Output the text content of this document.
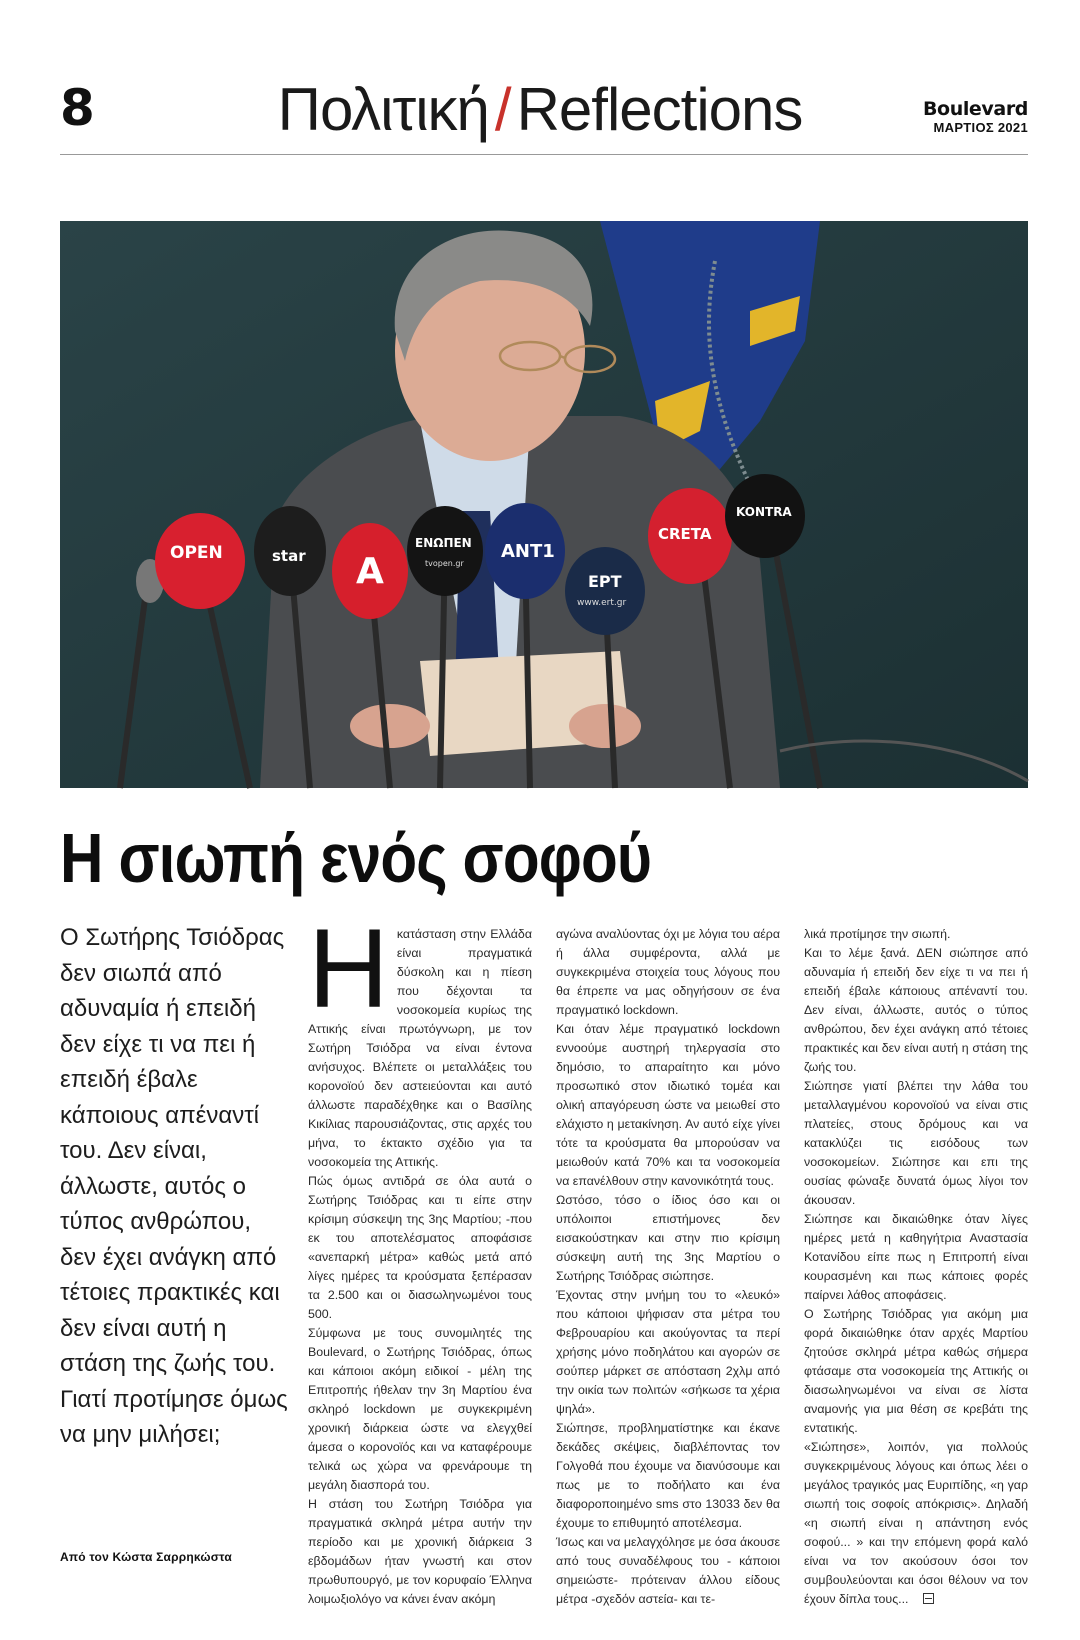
8	Πολιτική / Reflections	Boulevard
ΜΑΡΤΙΟΣ 2021
OPEN	star Α
ΕΝΩΠΕΝ
tvopen.gr
ANT1
ΕΡΤ
www.ert.gr
CRETA
KONTRA
Η σιωπή ενός σοφού
Ο Σωτήρης Τσιόδρας δεν σιωπά από αδυναμία ή επειδή δεν είχε τι να πει ή επειδή έβαλε κάποιους απέναντί του. Δεν είναι, άλλωστε, αυτός ο τύπος ανθρώπου, δεν έχει ανάγκη από τέτοιες πρακτικές και δεν είναι αυτή η στάση της ζωής του. Γιατί προτίμησε όμως να μην μιλήσει;
Από τον Κώστα Σαρρηκώστα
Η κατάσταση στην Ελλάδα είναι πραγματικά δύσκολη και η πίεση που δέχονται τα νοσοκομεία κυρίως της Αττικής είναι πρωτόγνωρη, με τον Σωτήρη Τσιόδρα να είναι έντονα ανήσυχος. Βλέπετε οι μεταλλάξεις του κορονοϊού δεν αστειεύονται και αυτό άλλωστε παραδέχθηκε και ο Βασίλης Κικίλιας παρουσιάζοντας, στις αρχές του μήνα, το έκτακτο σχέδιο για τα νοσοκομεία της Αττικής.

Πώς όμως αντιδρά σε όλα αυτά ο Σωτήρης Τσιόδρας και τι είπε στην κρίσιμη σύσκεψη της 3ης Μαρτίου; -που εκ του αποτελέσματος αποφάσισε «ανεπαρκή μέτρα» καθώς μετά από λίγες ημέρες τα κρούσματα ξεπέρασαν τα 2.500 και οι διασωληνωμένοι τους 500.

Σύμφωνα με τους συνομιλητές της Boulevard, ο Σωτήρης Τσιόδρας, όπως και κάποιοι ακόμη ειδικοί - μέλη της Επιτροπής ήθελαν την 3η Μαρτίου ένα σκληρό lockdown με συγκεκριμένη χρονική διάρκεια ώστε να ελεγχθεί άμεσα ο κορονοϊός και να καταφέρουμε τελικά ως χώρα να φρενάρουμε τη μεγάλη διασπορά του.

Η στάση του Σωτήρη Τσιόδρα για πραγματικά σκληρά μέτρα αυτήν την περίοδο και με χρονική διάρκεια 3 εβδομάδων ήταν γνωστή και στον πρωθυπουργό, με τον κορυφαίο Έλληνα λοιμωξιολόγο να κάνει έναν ακόμη

αγώνα αναλύοντας όχι με λόγια του αέρα ή άλλα συμφέροντα, αλλά με συγκεκριμένα στοιχεία τους λόγους που θα έπρεπε να μας οδηγήσουν σε ένα πραγματικό lockdown.

Και όταν λέμε πραγματικό lockdown εννοούμε αυστηρή τηλεργασία στο δημόσιο, το απαραίτητο και μόνο προσωπικό στον ιδιωτικό τομέα και ολική απαγόρευση ώστε να μειωθεί στο ελάχιστο η μετακίνηση. Αν αυτό είχε γίνει τότε τα κρούσματα θα μπορούσαν να μειωθούν κατά 70% και τα νοσοκομεία να επανέλθουν στην κανονικότητά τους.

Ωστόσο, τόσο ο ίδιος όσο και οι υπόλοιποι επιστήμονες δεν εισακούστηκαν και στην πιο κρίσιμη σύσκεψη αυτή της 3ης Μαρτίου ο Σωτήρης Τσιόδρας σιώπησε.

Έχοντας στην μνήμη του το «λευκό» που κάποιοι ψήφισαν στα μέτρα του Φεβρουαρίου και ακούγοντας τα περί χρήσης μόνο ποδηλάτου και αγορών σε σούπερ μάρκετ σε απόσταση 2χλμ από την οικία των πολιτών «σήκωσε τα χέρια ψηλά».

Σιώπησε, προβληματίστηκε και έκανε δεκάδες σκέψεις, διαβλέποντας τον Γολγοθά που έχουμε να διανύσουμε και πως με το ποδήλατο και ένα διαφοροποιημένο sms στο 13033 δεν θα έχουμε το επιθυμητό αποτέλεσμα.

Ίσως και να μελαγχόλησε με όσα άκουσε από τους συναδέλφους του - κάποιοι σημειώστε- πρότειναν άλλου είδους μέτρα -σχεδόν αστεία- και τε-

λικά προτίμησε την σιωπή.

Και το λέμε ξανά. ΔΕΝ σιώπησε από αδυναμία ή επειδή δεν είχε τι να πει ή επειδή έβαλε κάποιους απέναντί του. Δεν είναι, άλλωστε, αυτός ο τύπος ανθρώπου, δεν έχει ανάγκη από τέτοιες πρακτικές και δεν είναι αυτή η στάση της ζωής του.

Σιώπησε γιατί βλέπει την λάθα του μεταλλαγμένου κορονοϊού να είναι στις πλατείες, στους δρόμους και να κατακλύζει τις εισόδους των νοσοκομείων. Σιώπησε και επι της ουσίας φώναξε δυνατά όμως λίγοι τον άκουσαν.

Σιώπησε και δικαιώθηκε όταν λίγες ημέρες μετά η καθηγήτρια Αναστασία Κοτανίδου είπε πως η Επιτροπή είναι κουρασμένη και πως κάποιες φορές παίρνει λάθος αποφάσεις.

Ο Σωτήρης Τσιόδρας για ακόμη μια φορά δικαιώθηκε όταν αρχές Μαρτίου ζητούσε σκληρά μέτρα καθώς σήμερα φτάσαμε στα νοσοκομεία της Αττικής οι διασωληνωμένοι να είναι σε λίστα αναμονής για μια θέση σε κρεβάτι της εντατικής.

«Σιώπησε», λοιπόν, για πολλούς συγκεκριμένους λόγους και όπως λέει ο μεγάλος τραγικός μας Ευριπίδης, «η γαρ σιωπή τοις σοφοίς απόκρισις». Δηλαδή «η σιωπή είναι η απάντηση ενός σοφού... » και την επόμενη φορά καλό είναι να τον ακούσουν όσοι τον συμβουλεύονται και όσοι θέλουν να τον έχουν δίπλα τους...
